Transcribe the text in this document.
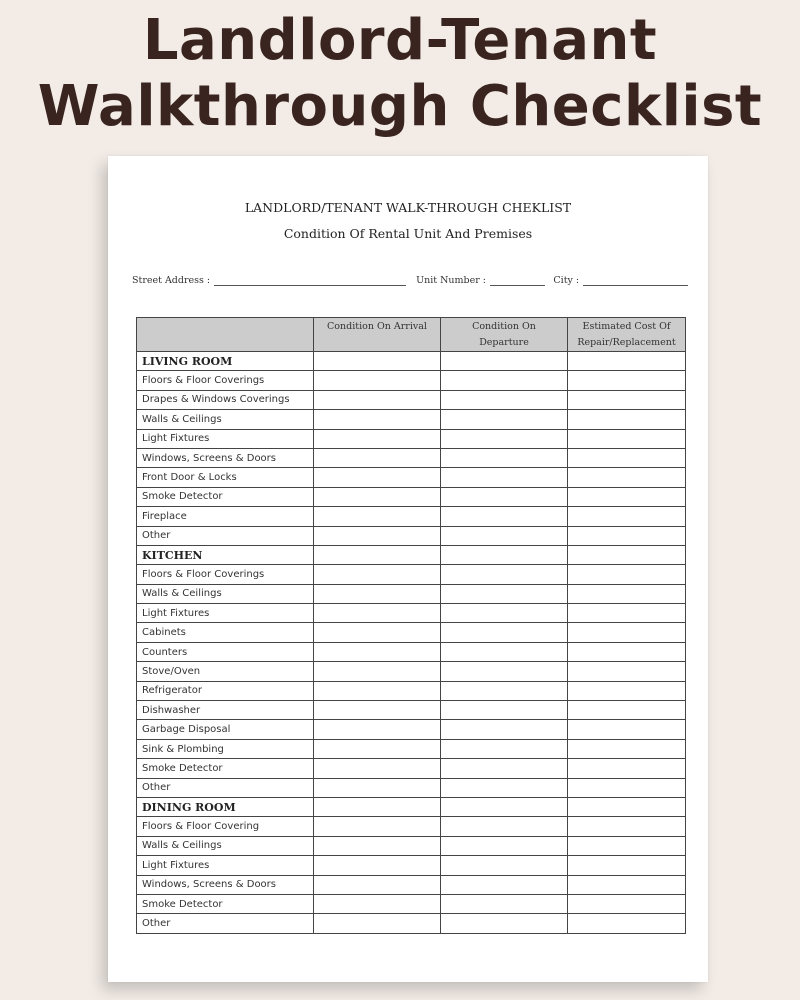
Landlord-Tenant
Walkthrough Checklist
LANDLORD/TENANT WALK-THROUGH CHEKLIST
Condition Of Rental Unit And Premises
Street Address :	Unit Number :	City :
	Condition On Arrival	Condition On Departure	Estimated Cost Of Repair/Replacement
LIVING ROOM			
Floors & Floor Coverings			
Drapes & Windows Coverings			
Walls & Ceilings			
Light Fixtures			
Windows, Screens & Doors			
Front Door & Locks			
Smoke Detector			
Fireplace			
Other			
KITCHEN			
Floors & Floor Coverings			
Walls & Ceilings			
Light Fixtures			
Cabinets			
Counters			
Stove/Oven			
Refrigerator			
Dishwasher			
Garbage Disposal			
Sink & Plombing			
Smoke Detector			
Other			
DINING ROOM			
Floors & Floor Covering			
Walls & Ceilings			
Light Fixtures			
Windows, Screens & Doors			
Smoke Detector			
Other			
